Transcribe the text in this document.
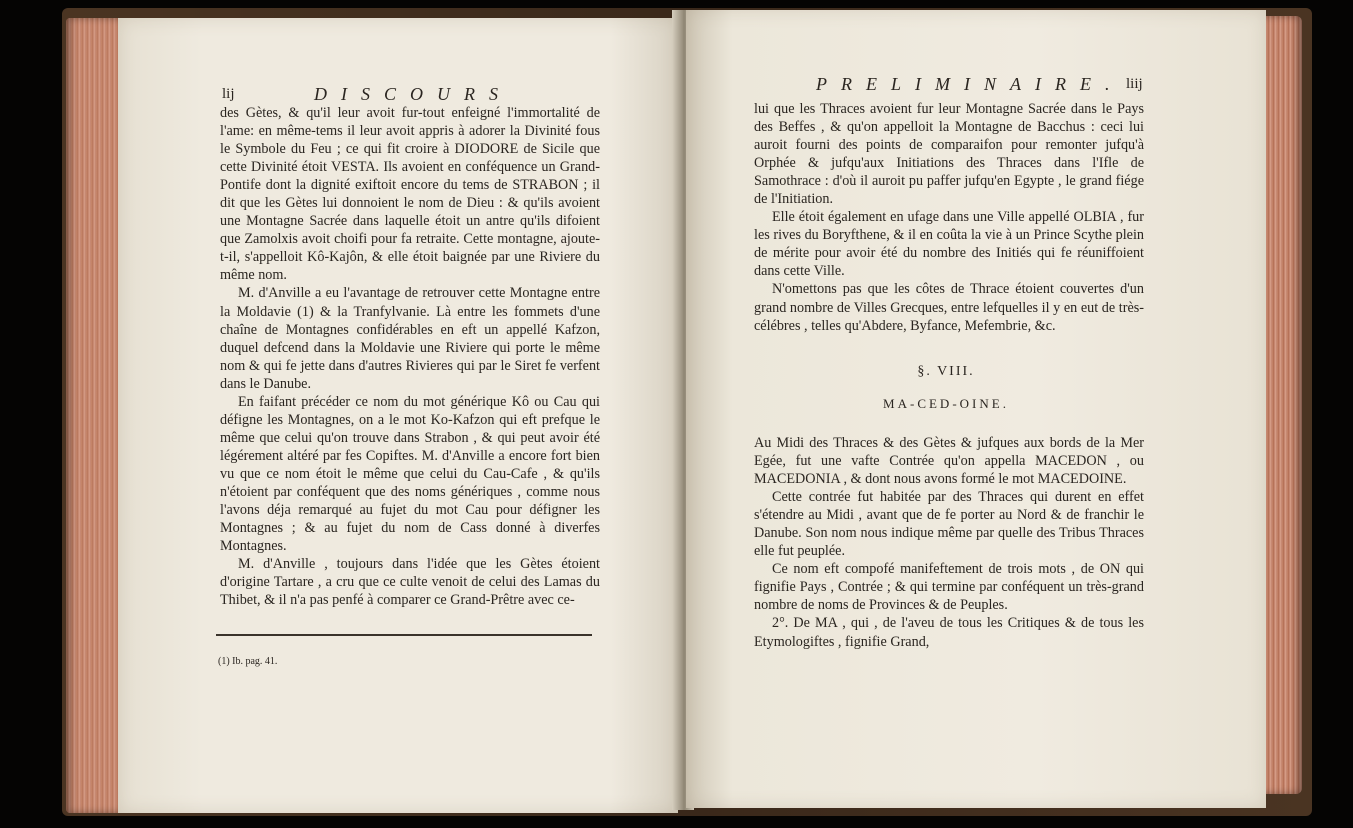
lij	DISCOURS

des Gètes, & qu'il leur avoit fur-tout enfeigné l'immortalité de l'ame: en même-tems il leur avoit appris à adorer la Divinité fous le Symbole du Feu ; ce qui fit croire à DIODORE de Sicile que cette Divinité étoit VESTA. Ils avoient en conféquence un Grand-Pontife dont la dignité exiftoit encore du tems de STRABON ; il dit que les Gètes lui donnoient le nom de Dieu : & qu'ils avoient une Montagne Sacrée dans laquelle étoit un antre qu'ils difoient que Zamolxis avoit choifi pour fa retraite. Cette montagne, ajoute-t-il, s'appelloit Kô-Kajôn, & elle étoit baignée par une Riviere du même nom.

M. d'Anville a eu l'avantage de retrouver cette Montagne entre la Moldavie (1) & la Tranfylvanie. Là entre les fommets d'une chaîne de Montagnes confidérables en eft un appellé Kafzon, duquel defcend dans la Moldavie une Riviere qui porte le même nom & qui fe jette dans d'autres Rivieres qui par le Siret fe verfent dans le Danube.

En faifant précéder ce nom du mot générique Kô ou Cau qui défigne les Montagnes, on a le mot Ko-Kafzon qui eft prefque le même que celui qu'on trouve dans Strabon , & qui peut avoir été légérement altéré par fes Copiftes. M. d'Anville a encore fort bien vu que ce nom étoit le même que celui du Cau-Cafe , & qu'ils n'étoient par conféquent que des noms génériques , comme nous l'avons déja remarqué au fujet du mot Cau pour défigner les Montagnes ; & au fujet du nom de Cass donné à diverfes Montagnes.

M. d'Anville , toujours dans l'idée que les Gètes étoient d'origine Tartare , a cru que ce culte venoit de celui des Lamas du Thibet, & il n'a pas penfé à comparer ce Grand-Prêtre avec ce-

(1) Ib. pag. 41.
PRELIMINAIRE. liij

lui que les Thraces avoient fur leur Montagne Sacrée dans le Pays des Beffes , & qu'on appelloit la Montagne de Bacchus : ceci lui auroit fourni des points de comparaifon pour remonter jufqu'à Orphée & jufqu'aux Initiations des Thraces dans l'Ifle de Samothrace : d'où il auroit pu paffer jufqu'en Egypte , le grand fiége de l'Initiation.

Elle étoit également en ufage dans une Ville appellé OLBIA , fur les rives du Boryfthene, & il en coûta la vie à un Prince Scythe plein de mérite pour avoir été du nombre des Initiés qui fe réuniffoient dans cette Ville.

N'omettons pas que les côtes de Thrace étoient couvertes d'un grand nombre de Villes Grecques, entre lefquelles il y en eut de très-célébres , telles qu'Abdere, Byfance, Mefembrie, &c.

§. VIII.
MA-CED-OINE.

Au Midi des Thraces & des Gètes & jufques aux bords de la Mer Egée, fut une vafte Contrée qu'on appella MACEDON , ou MACEDONIA , & dont nous avons formé le mot MACEDOINE.

Cette contrée fut habitée par des Thraces qui durent en effet s'étendre au Midi , avant que de fe porter au Nord & de franchir le Danube. Son nom nous indique même par quelle des Tribus Thraces elle fut peuplée.

Ce nom eft compofé manifeftement de trois mots , de ON qui fignifie Pays , Contrée ; & qui termine par conféquent un très-grand nombre de noms de Provinces & de Peuples.

2°. De MA , qui , de l'aveu de tous les Critiques & de tous les Etymologiftes , fignifie Grand,
